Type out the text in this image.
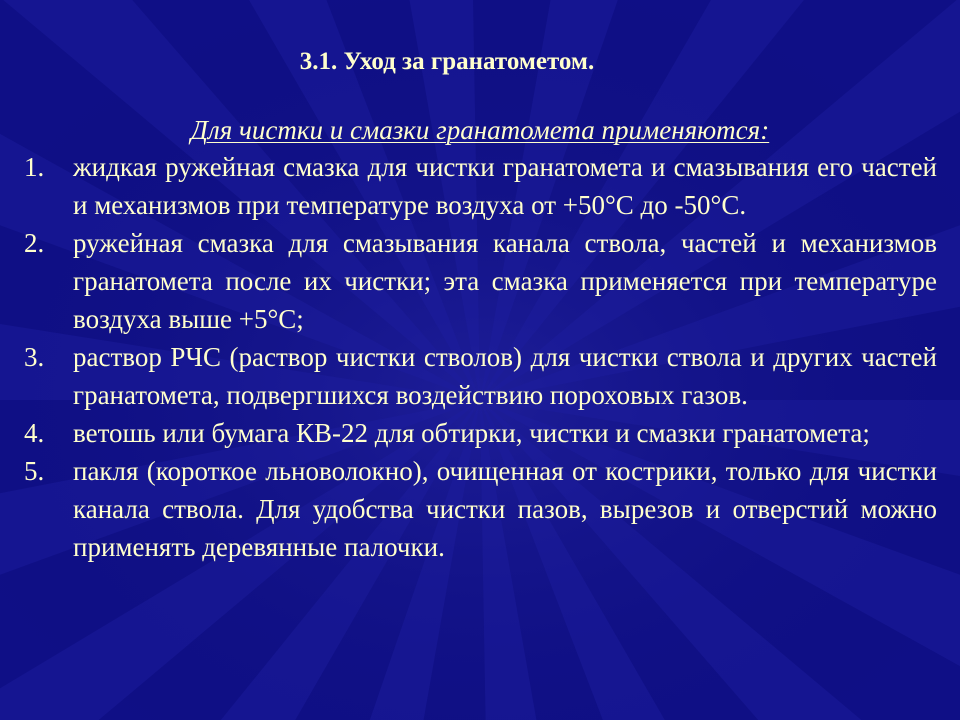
3.1. Уход за гранатометом.
Для чистки и смазки гранатомета применяются:
1. жидкая ружейная смазка для чистки гранатомета и смазывания его частей и механизмов при температуре воздуха от +50°С до -50°С.
2. ружейная смазка для смазывания канала ствола, частей и механизмов гранатомета после их чистки; эта смазка применяется при температуре воздуха выше +5°С;
3. раствор РЧС (раствор чистки стволов) для чистки ствола и других частей гранатомета, подвергшихся воздействию пороховых газов.
4. ветошь или бумага КВ-22 для обтирки, чистки и смазки гранатомета;
5. пакля (короткое льноволокно), очищенная от кострики, только для чистки канала ствола. Для удобства чистки пазов, вырезов и отверстий можно применять деревянные палочки.
